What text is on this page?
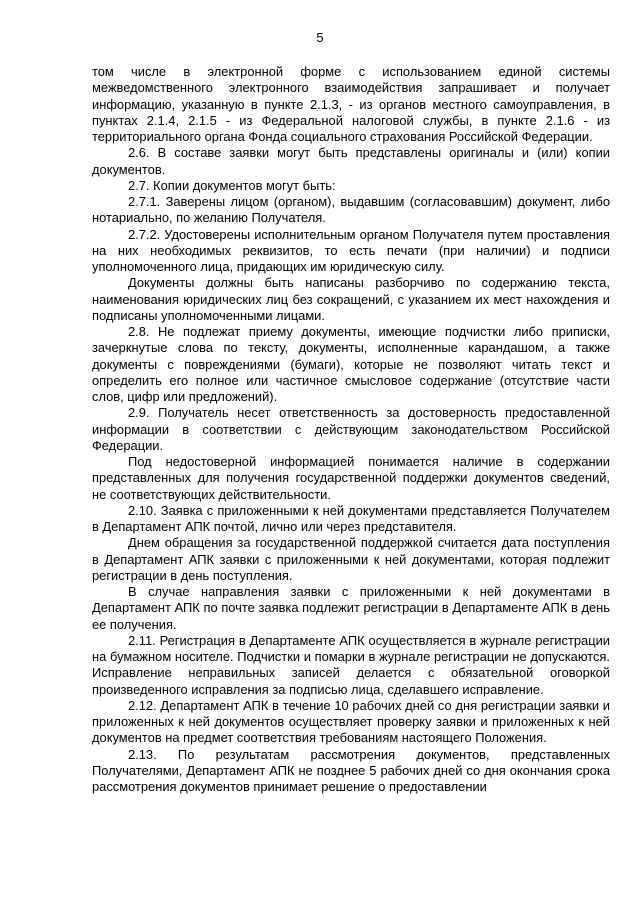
5

том числе в электронной форме с использованием единой системы межведомственного электронного взаимодействия запрашивает и получает информацию, указанную в пункте 2.1.3, - из органов местного самоуправления, в пунктах 2.1.4, 2.1.5 - из Федеральной налоговой службы, в пункте 2.1.6 - из территориального органа Фонда социального страхования Российской Федерации.

2.6. В составе заявки могут быть представлены оригиналы и (или) копии документов.

2.7. Копии документов могут быть:

2.7.1. Заверены лицом (органом), выдавшим (согласовавшим) документ, либо нотариально, по желанию Получателя.

2.7.2. Удостоверены исполнительным органом Получателя путем проставления на них необходимых реквизитов, то есть печати (при наличии) и подписи уполномоченного лица, придающих им юридическую силу.

Документы должны быть написаны разборчиво по содержанию текста, наименования юридических лиц без сокращений, с указанием их мест нахождения и подписаны уполномоченными лицами.

2.8. Не подлежат приему документы, имеющие подчистки либо приписки, зачеркнутые слова по тексту, документы, исполненные карандашом, а также документы с повреждениями (бумаги), которые не позволяют читать текст и определить его полное или частичное смысловое содержание (отсутствие части слов, цифр или предложений).

2.9. Получатель несет ответственность за достоверность предоставленной информации в соответствии с действующим законодательством Российской Федерации.

Под недостоверной информацией понимается наличие в содержании представленных для получения государственной поддержки документов сведений, не соответствующих действительности.

2.10. Заявка с приложенными к ней документами представляется Получателем в Департамент АПК почтой, лично или через представителя.

Днем обращения за государственной поддержкой считается дата поступления в Департамент АПК заявки с приложенными к ней документами, которая подлежит регистрации в день поступления.

В случае направления заявки с приложенными к ней документами в Департамент АПК по почте заявка подлежит регистрации в Департаменте АПК в день ее получения.

2.11. Регистрация в Департаменте АПК осуществляется в журнале регистрации на бумажном носителе. Подчистки и помарки в журнале регистрации не допускаются. Исправление неправильных записей делается с обязательной оговоркой произведенного исправления за подписью лица, сделавшего исправление.

2.12. Департамент АПК в течение 10 рабочих дней со дня регистрации заявки и приложенных к ней документов осуществляет проверку заявки и приложенных к ней документов на предмет соответствия требованиям настоящего Положения.

2.13. По результатам рассмотрения документов, представленных Получателями, Департамент АПК не позднее 5 рабочих дней со дня окончания срока рассмотрения документов принимает решение о предоставлении
